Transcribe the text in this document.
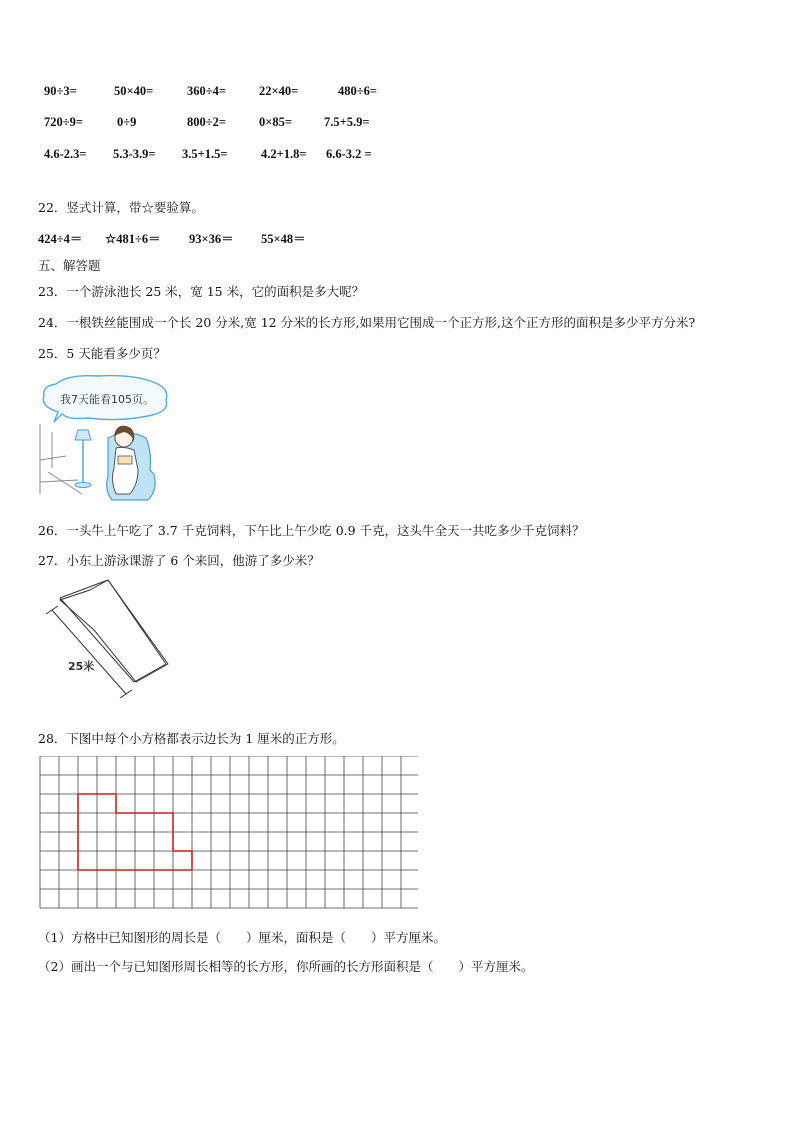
90÷3=	50×40=	360÷4=	22×40=	480÷6=
720÷9=	0÷9	800÷2=	0×85=	7.5+5.9=
4.6-2.3= 5.3-3.9= 3.5+1.5=	4.2+1.8= 6.6-3.2 =
22．竖式计算，带☆要验算。
424÷4＝ ☆481÷6＝ 93×36＝ 55×48＝
五、解答题
23．一个游泳池长 25 米，宽 15 米，它的面积是多大呢？
24．一根铁丝能围成一个长 20 分米,宽 12 分米的长方形,如果用它围成一个正方形,这个正方形的面积是多少平方分米?
25．5 天能看多少页？
我7天能看105页。
26．一头牛上午吃了 3.7 千克饲料，下午比上午少吃 0.9 千克，这头牛全天一共吃多少千克饲料？
27．小东上游泳课游了 6 个来回，他游了多少米？
25米
28．下图中每个小方格都表示边长为 1 厘米的正方形。
（1）方格中已知图形的周长是（　　）厘米，面积是（　　）平方厘米。
（2）画出一个与已知图形周长相等的长方形，你所画的长方形面积是（　　）平方厘米。
